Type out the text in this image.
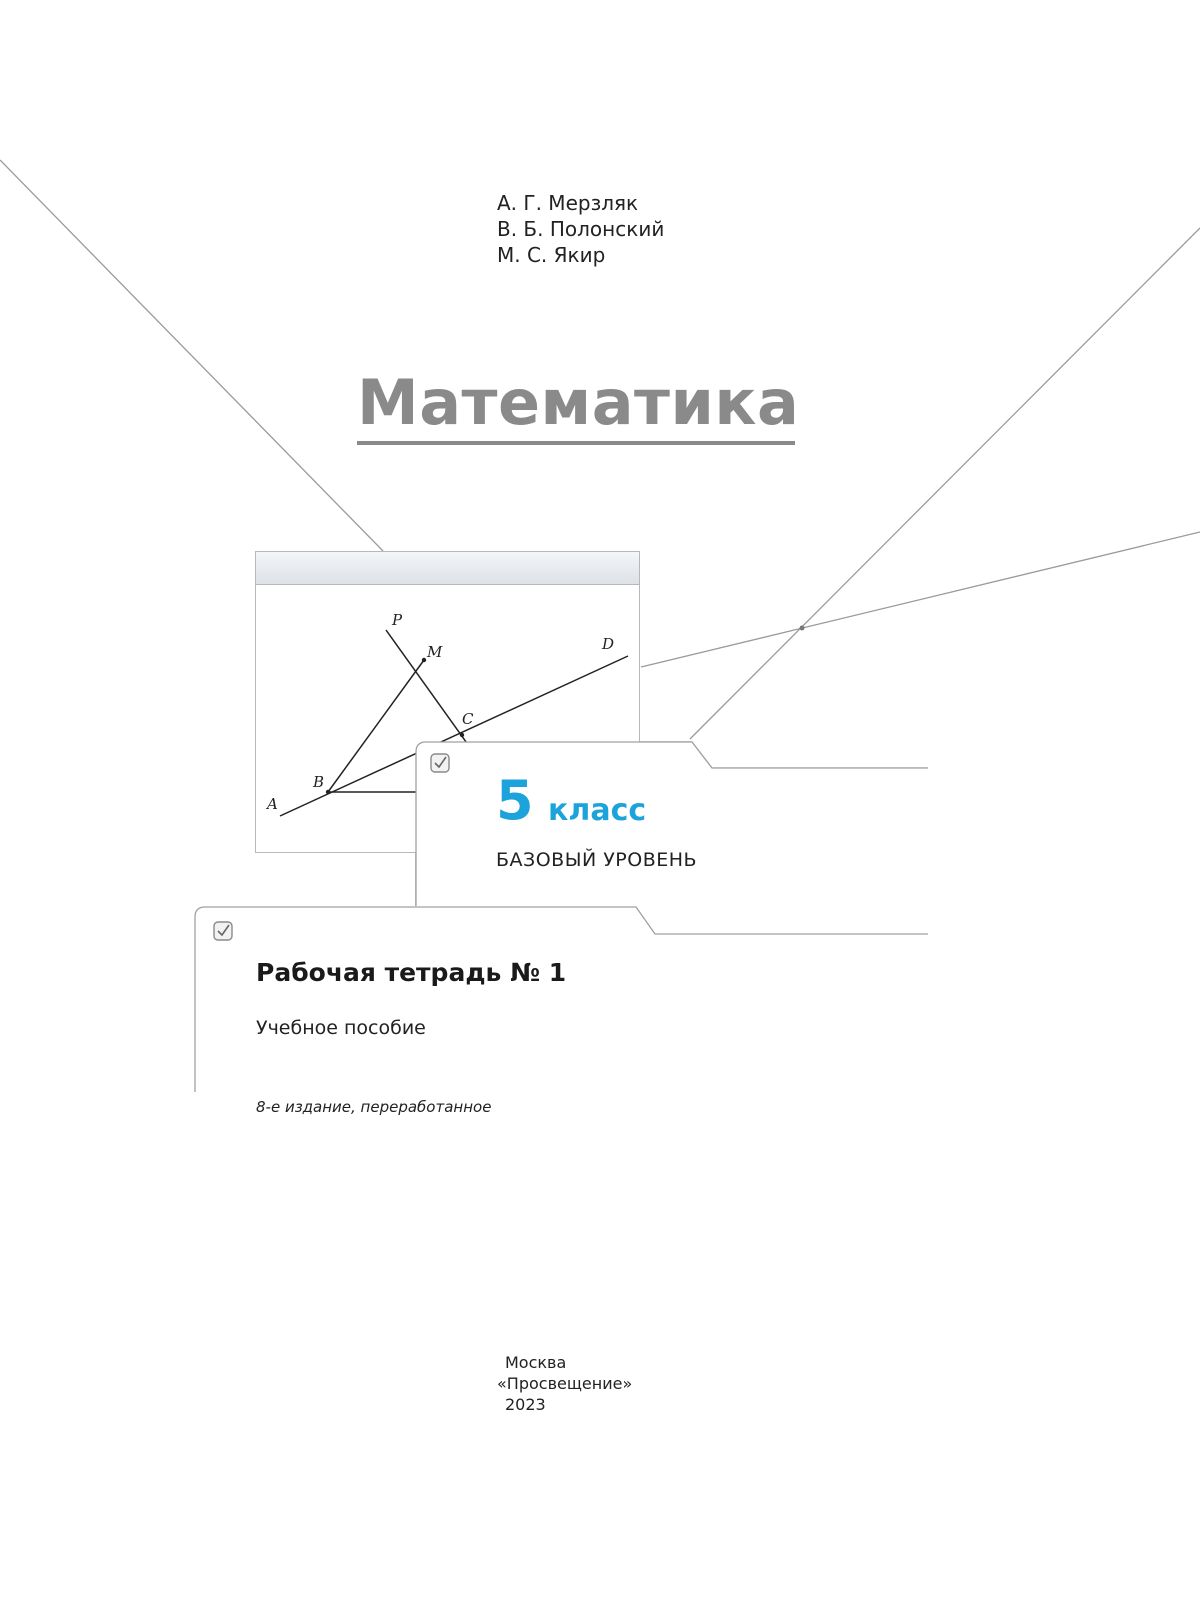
А. Г. Мерзляк
В. Б. Полонский
М. С. Якир
Математика
P
M	D
C
B
A	5 класс
БАЗОВЫЙ УРОВЕНЬ
Рабочая тетрадь № 1
Учебное пособие
8-е издание, переработанное
Москва
«Просвещение»
2023
